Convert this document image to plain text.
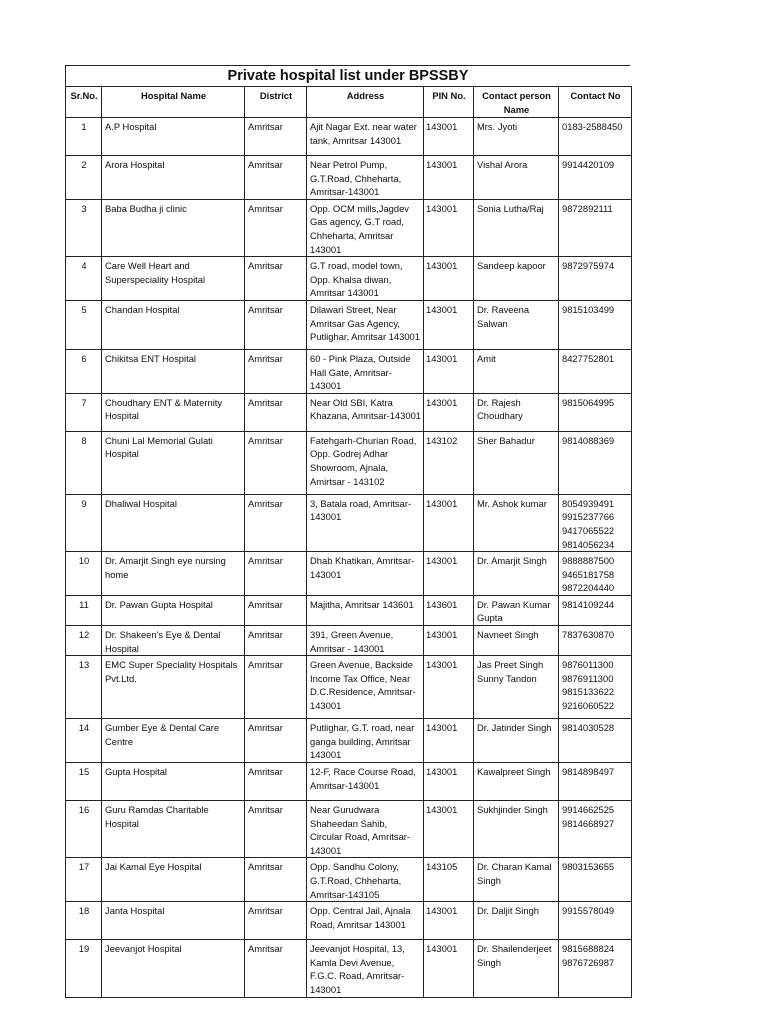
Private hospital list under BPSSBY
Sr.No.	Hospital Name	District	Address	PIN No.	Contact person Name	Contact No
1	A.P Hospital	Amritsar	Ajit Nagar Ext. near water tank, Amritsar 143001	143001	Mrs. Jyoti	0183-2588450

2	Arora Hospital	Amritsar	Near Petrol Pump, G.T.Road, Chheharta, Amritsar-143001	143001	Vishal Arora	9914420109

3	Baba Budha ji clinic	Amritsar	Opp. OCM mills,Jagdev Gas agency, G.T road, Chheharta, Amritsar 143001	143001	Sonia Lutha/Raj	9872892111

4	Care Well Heart and Superspeciality Hospital	Amritsar	G.T road, model town, Opp. Khalsa diwan, Amritsar 143001	143001	Sandeep kapoor	9872975974

5	Chandan Hospital	Amritsar	Dilawari Street, Near Amritsar Gas Agency, Putlighar, Amritsar 143001	143001	Dr. Raveena Salwan	9815103499

6	Chikitsa ENT Hospital	Amritsar	60 - Pink Plaza, Outside Hall Gate, Amritsar-143001	143001	Amit	8427752801

7	Choudhary ENT & Maternity Hospital	Amritsar	Near Old SBI, Katra Khazana, Amritsar-143001	143001	Dr. Rajesh Choudhary	9815064995

8	Chuni Lal Memorial Gulati Hospital	Amritsar	Fatehgarh-Churian Road, Opp. Godrej Adhar Showroom, Ajnala, Amirtsar - 143102	143102	Sher Bahadur	9814088369

9	Dhaliwal Hospital	Amritsar	3, Batala road, Amritsar-143001	143001	Mr. Ashok kumar	8054939491
9915237766
9417065522
9814056234

10	Dr. Amarjit Singh eye nursing home	Amritsar	Dhab Khatikan, Amritsar-143001	143001	Dr. Amarjit Singh	9888887500
9465181758
9872204440

11	Dr. Pawan Gupta Hospital	Amritsar	Majitha, Amritsar 143601	143601	Dr. Pawan Kumar Gupta	9814109244

12	Dr. Shakeen's Eye & Dental Hospital	Amritsar	391, Green Avenue, Amritsar - 143001	143001	Navneet Singh	7837630870

13	EMC Super Speciality Hospitals Pvt.Ltd.	Amritsar	Green Avenue, Backside Income Tax Office, Near D.C.Residence, Amritsar-143001	143001	Jas Preet Singh Sunny Tandon	9876011300
9876911300
9815133622
9216060522

14	Gumber Eye & Dental Care Centre	Amritsar	Putlighar, G.T. road, near ganga building, Amritsar 143001	143001	Dr. Jatinder Singh	9814030528

15	Gupta Hospital	Amritsar	12-F, Race Course Road, Amritsar-143001	143001	Kawalpreet Singh	9814898497

16	Guru Ramdas Charitable Hospital	Amritsar	Near Gurudwara Shaheedan Sahib, Circular Road, Amritsar-143001	143001	Sukhjinder Singh	9914662525
9814668927

17	Jai Kamal Eye Hospital	Amritsar	Opp. Sandhu Colony, G.T.Road, Chheharta, Amritsar-143105	143105	Dr. Charan Kamal Singh	9803153655

18	Janta Hospital	Amritsar	Opp. Central Jail, Ajnala Road, Amritsar 143001	143001	Dr. Daljit Singh	9915578049

19	Jeevanjot Hospital	Amritsar	Jeevanjot Hospital, 13, Kamla Devi Avenue, F.G.C. Road, Amritsar-143001	143001	Dr. Shailenderjeet Singh	9815688824
9876726987
